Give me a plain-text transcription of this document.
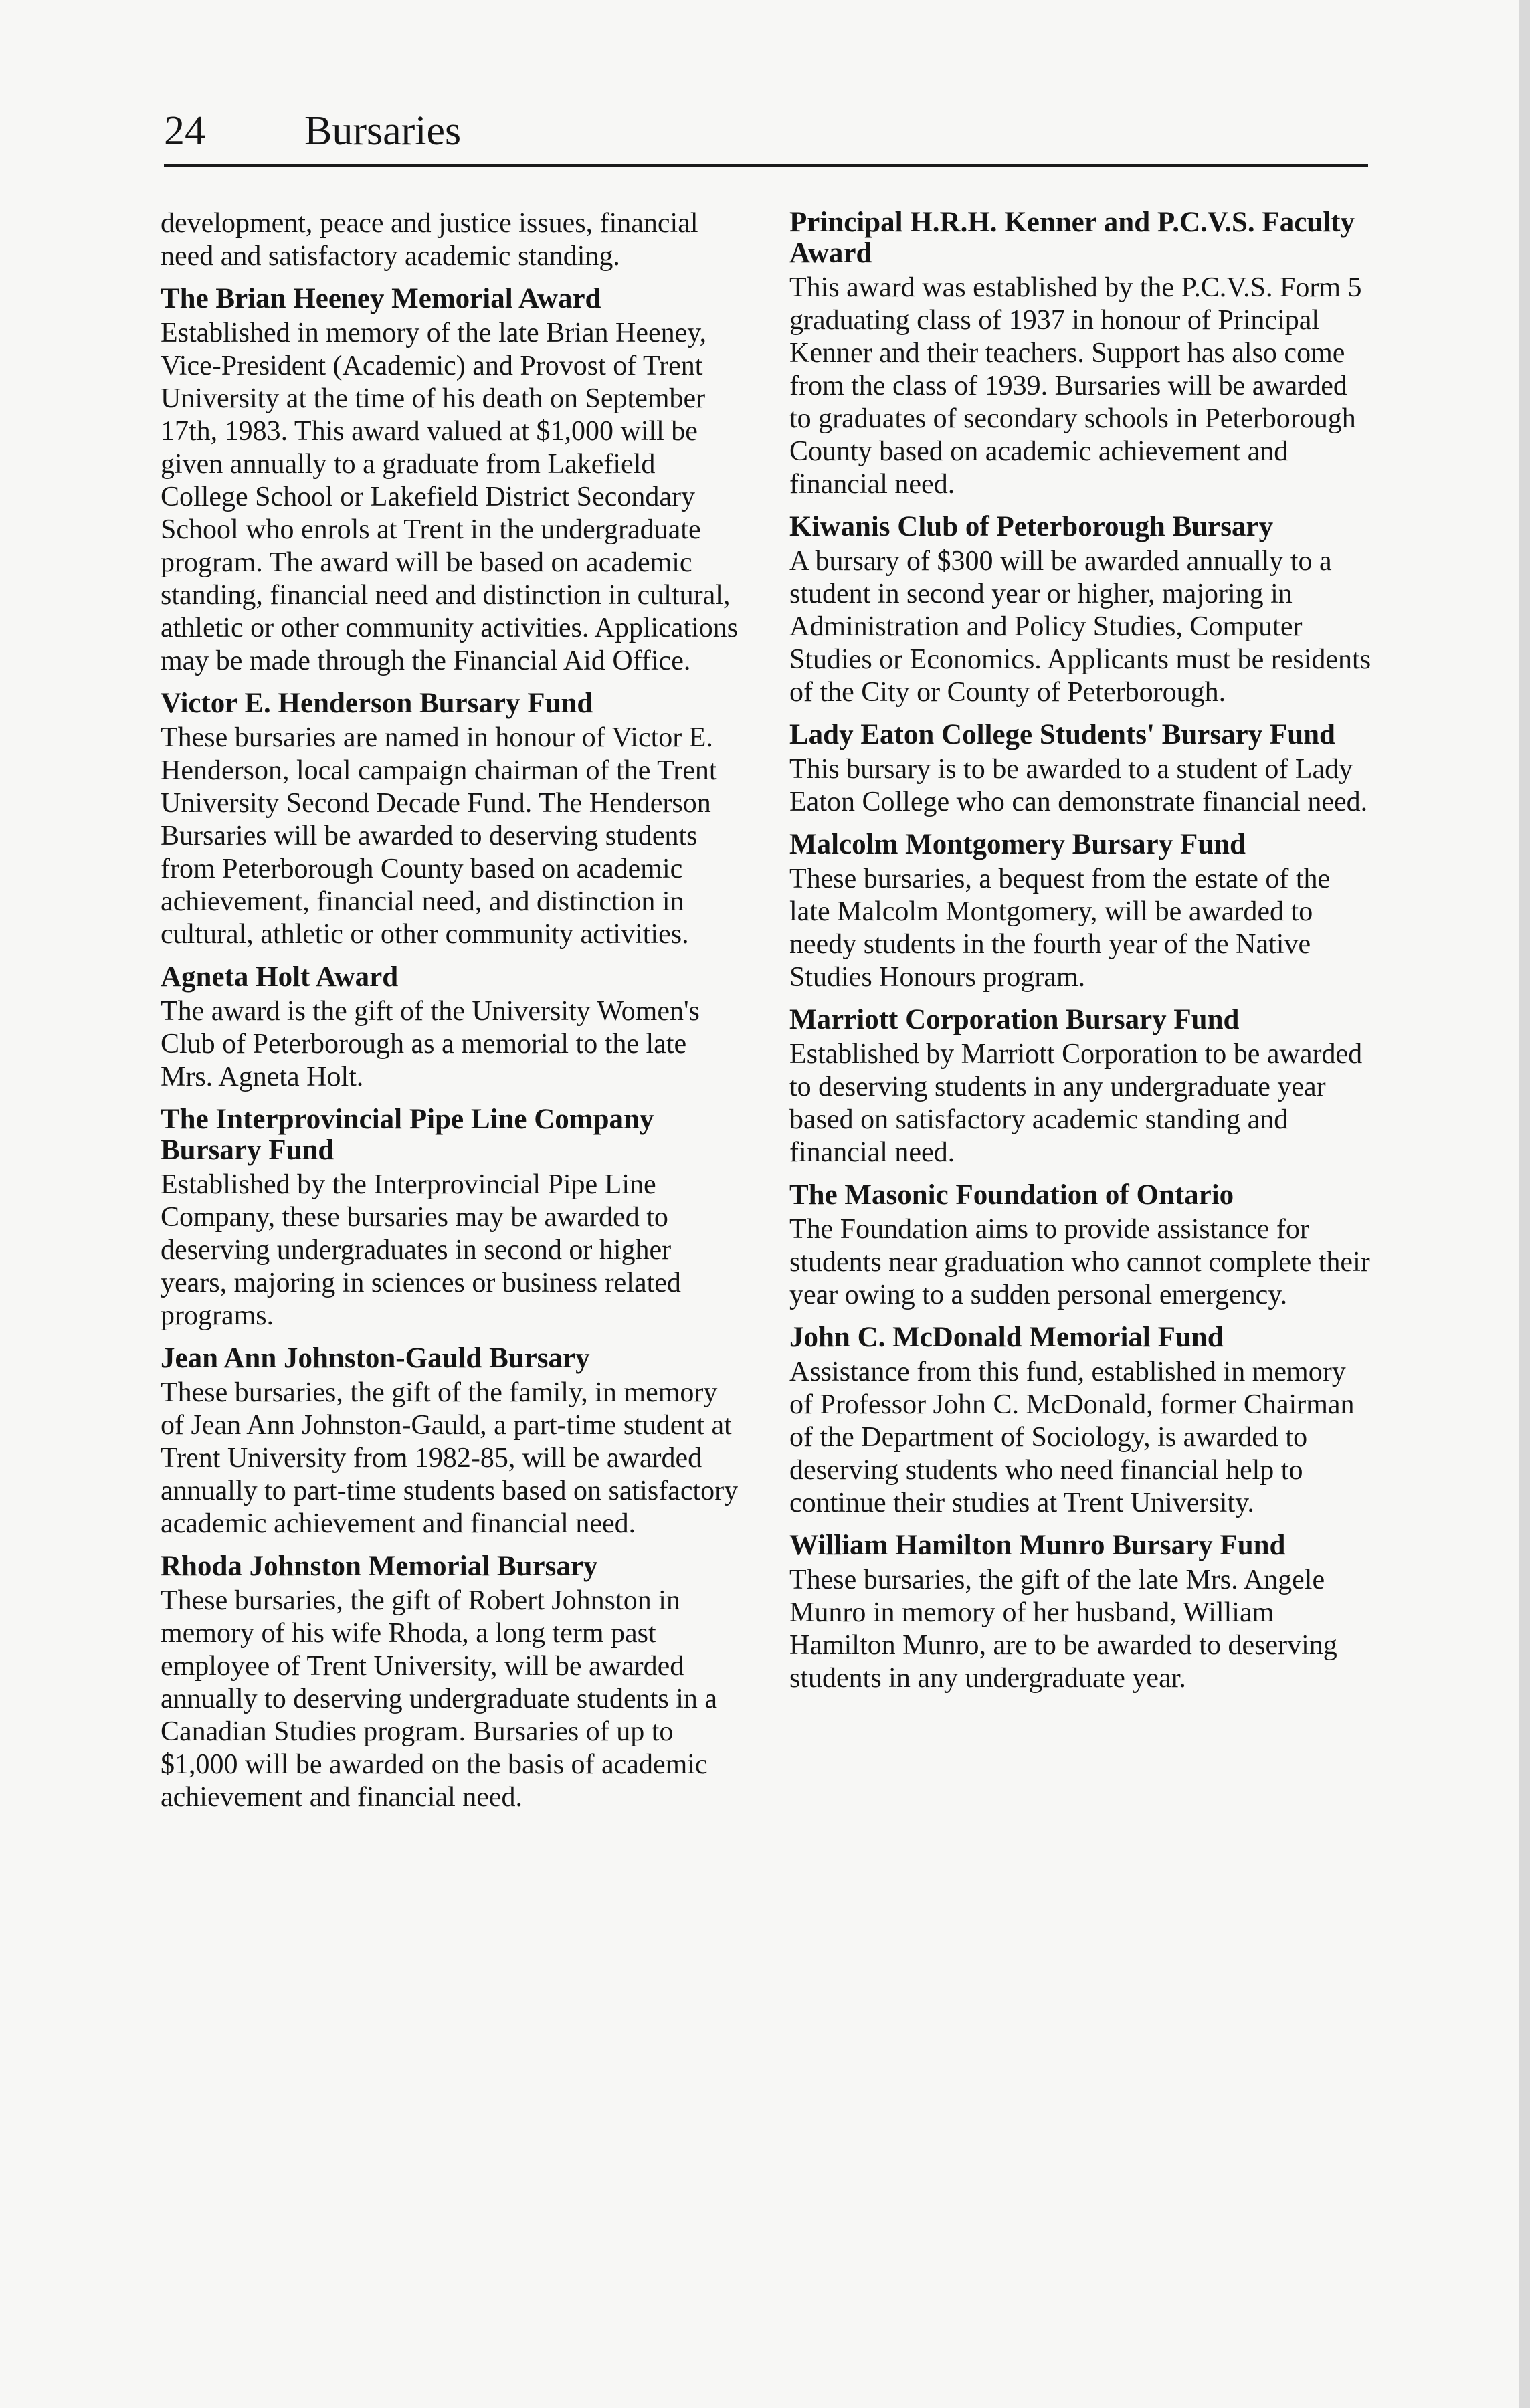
24 Bursaries

development, peace and justice issues, financial need and satisfactory academic standing.

The Brian Heeney Memorial Award

Established in memory of the late Brian Heeney, Vice-President (Academic) and Provost of Trent University at the time of his death on September 17th, 1983. This award valued at $1,000 will be given annually to a graduate from Lakefield College School or Lakefield District Secondary School who enrols at Trent in the undergraduate program. The award will be based on academic standing, financial need and distinction in cultural, athletic or other community activities. Applications may be made through the Financial Aid Office.

Victor E. Henderson Bursary Fund

These bursaries are named in honour of Victor E. Henderson, local campaign chairman of the Trent University Second Decade Fund. The Henderson Bursaries will be awarded to deserving students from Peterborough County based on academic achievement, financial need, and distinction in cultural, athletic or other community activities.

Agneta Holt Award

The award is the gift of the University Women's Club of Peterborough as a memorial to the late Mrs. Agneta Holt.

The Interprovincial Pipe Line Company Bursary Fund

Established by the Interprovincial Pipe Line Company, these bursaries may be awarded to deserving undergraduates in second or higher years, majoring in sciences or business related programs.

Jean Ann Johnston-Gauld Bursary

These bursaries, the gift of the family, in memory of Jean Ann Johnston-Gauld, a part-time student at Trent University from 1982-85, will be awarded annually to part-time students based on satisfactory academic achievement and financial need.

Rhoda Johnston Memorial Bursary

These bursaries, the gift of Robert Johnston in memory of his wife Rhoda, a long term past employee of Trent University, will be awarded annually to deserving undergraduate students in a Canadian Studies program. Bursaries of up to $1,000 will be awarded on the basis of academic achievement and financial need.

Principal H.R.H. Kenner and P.C.V.S. Faculty Award

This award was established by the P.C.V.S. Form 5 graduating class of 1937 in honour of Principal Kenner and their teachers. Support has also come from the class of 1939. Bursaries will be awarded to graduates of secondary schools in Peterborough County based on academic achievement and financial need.

Kiwanis Club of Peterborough Bursary

A bursary of $300 will be awarded annually to a student in second year or higher, majoring in Administration and Policy Studies, Computer Studies or Economics. Applicants must be residents of the City or County of Peterborough.

Lady Eaton College Students' Bursary Fund

This bursary is to be awarded to a student of Lady Eaton College who can demonstrate financial need.

Malcolm Montgomery Bursary Fund

These bursaries, a bequest from the estate of the late Malcolm Montgomery, will be awarded to needy students in the fourth year of the Native Studies Honours program.

Marriott Corporation Bursary Fund

Established by Marriott Corporation to be awarded to deserving students in any undergraduate year based on satisfactory academic standing and financial need.

The Masonic Foundation of Ontario

The Foundation aims to provide assistance for students near graduation who cannot complete their year owing to a sudden personal emergency.

John C. McDonald Memorial Fund

Assistance from this fund, established in memory of Professor John C. McDonald, former Chairman of the Department of Sociology, is awarded to deserving students who need financial help to continue their studies at Trent University.

William Hamilton Munro Bursary Fund

These bursaries, the gift of the late Mrs. Angele Munro in memory of her husband, William Hamilton Munro, are to be awarded to deserving students in any undergraduate year.
